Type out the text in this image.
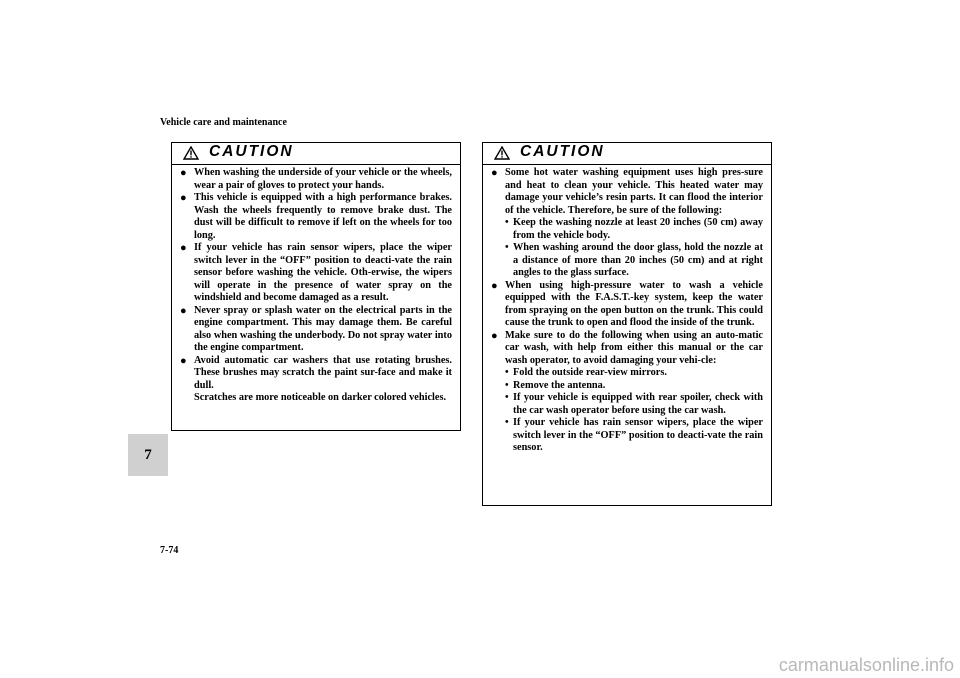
Vehicle care and maintenance
7
7-74
CAUTION
● When washing the underside of your vehicle or the wheels, wear a pair of gloves to protect your hands.
● This vehicle is equipped with a high performance brakes. Wash the wheels frequently to remove brake dust. The dust will be difficult to remove if left on the wheels for too long.
● If your vehicle has rain sensor wipers, place the wiper switch lever in the “OFF” position to deacti-vate the rain sensor before washing the vehicle. Oth-erwise, the wipers will operate in the presence of water spray on the windshield and become damaged as a result.
● Never spray or splash water on the electrical parts in the engine compartment. This may damage them. Be careful also when washing the underbody. Do not spray water into the engine compartment.
● Avoid automatic car washers that use rotating brushes. These brushes may scratch the paint sur-face and make it dull.
Scratches are more noticeable on darker colored vehicles.
CAUTION
● Some hot water washing equipment uses high pres-sure and heat to clean your vehicle. This heated water may damage your vehicle’s resin parts. It can flood the interior of the vehicle. Therefore, be sure of the following:
• Keep the washing nozzle at least 20 inches (50 cm) away from the vehicle body.
• When washing around the door glass, hold the nozzle at a distance of more than 20 inches (50 cm) and at right angles to the glass surface.
● When using high-pressure water to wash a vehicle equipped with the F.A.S.T.-key system, keep the water from spraying on the open button on the trunk. This could cause the trunk to open and flood the inside of the trunk.
● Make sure to do the following when using an auto-matic car wash, with help from either this manual or the car wash operator, to avoid damaging your vehi-cle:
• Fold the outside rear-view mirrors.
• Remove the antenna.
• If your vehicle is equipped with rear spoiler, check with the car wash operator before using the car wash.
• If your vehicle has rain sensor wipers, place the wiper switch lever in the “OFF” position to deacti-vate the rain sensor.
carmanualsonline.info
